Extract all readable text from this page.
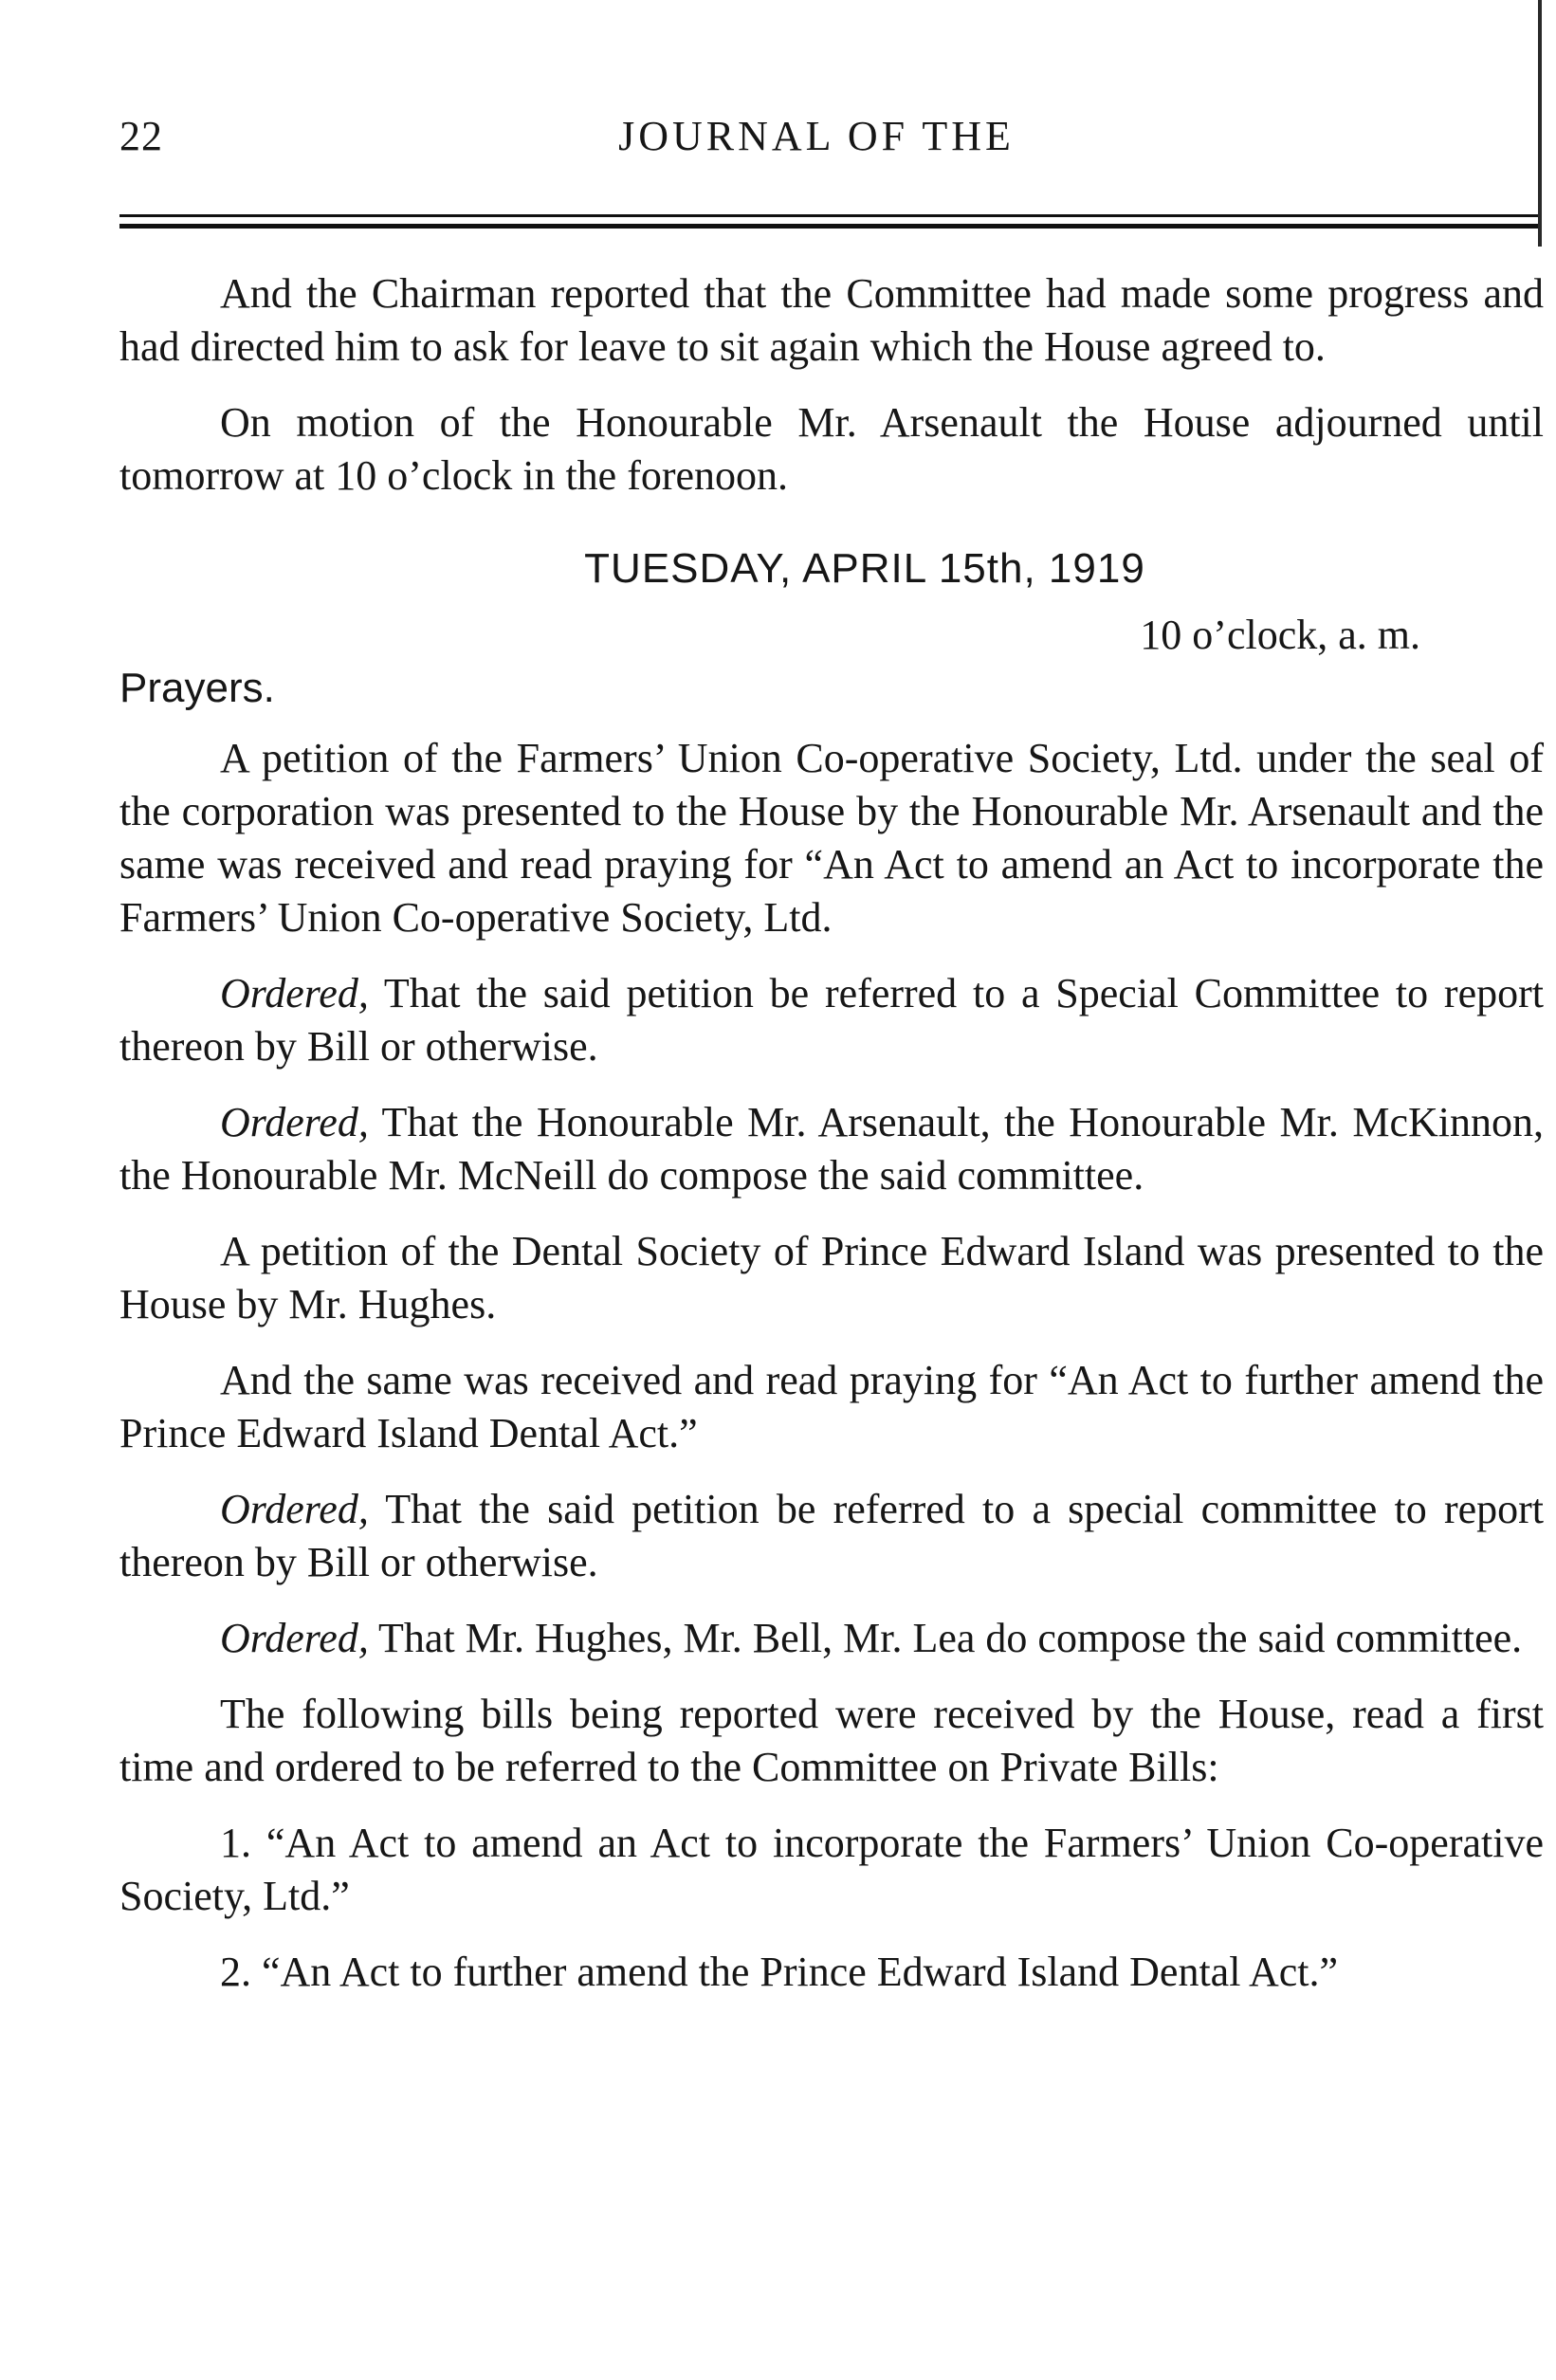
22	JOURNAL OF THE

And the Chairman reported that the Committee had made some progress and had directed him to ask for leave to sit again which the House agreed to.

On motion of the Honourable Mr. Arsenault the House adjourned until tomorrow at 10 o’clock in the forenoon.

TUESDAY, APRIL 15th, 1919

10 o’clock, a. m.

Prayers.

A petition of the Farmers’ Union Co-operative Society, Ltd. under the seal of the corporation was presented to the House by the Honourable Mr. Arsenault and the same was received and read praying for “An Act to amend an Act to incorporate the Farmers’ Union Co-operative Society, Ltd.

Ordered, That the said petition be referred to a Special Committee to report thereon by Bill or otherwise.

Ordered, That the Honourable Mr. Arsenault, the Honourable Mr. McKinnon, the Honourable Mr. McNeill do compose the said committee.

A petition of the Dental Society of Prince Edward Island was presented to the House by Mr. Hughes.

And the same was received and read praying for “An Act to further amend the Prince Edward Island Dental Act.”

Ordered, That the said petition be referred to a special committee to report thereon by Bill or otherwise.

Ordered, That Mr. Hughes, Mr. Bell, Mr. Lea do compose the said committee.

The following bills being reported were received by the House, read a first time and ordered to be referred to the Committee on Private Bills:

1. “An Act to amend an Act to incorporate the Farmers’ Union Co-operative Society, Ltd.”

2. “An Act to further amend the Prince Edward Island Dental Act.”
